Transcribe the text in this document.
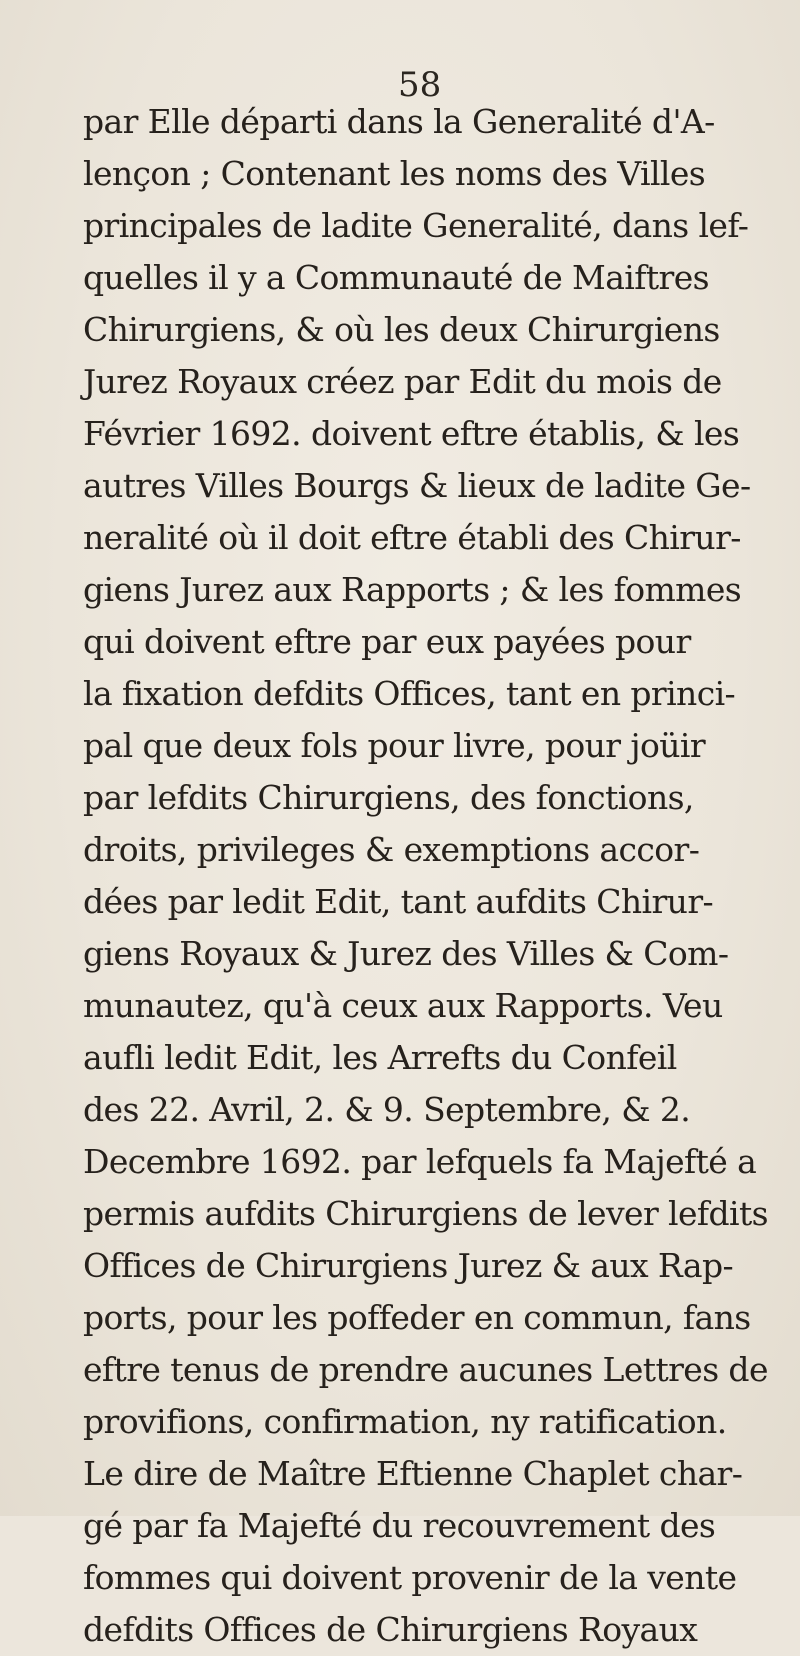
58
par Elle départi dans la Generalité d'A-
lençon ; Contenant les noms des Villes
principales de ladite Generalité, dans lef-
quelles il y a Communauté de Maiftres
Chirurgiens, & où les deux Chirurgiens
Jurez Royaux créez par Edit du mois de
Février 1692. doivent eftre établis, & les
autres Villes Bourgs & lieux de ladite Ge-
neralité où il doit eftre établi des Chirur-
giens Jurez aux Rapports ; & les fommes
qui doivent eftre par eux payées pour
la fixation defdits Offices, tant en princi-
pal que deux fols pour livre, pour joüir
par lefdits Chirurgiens, des fonctions,
droits, privileges & exemptions accor-
dées par ledit Edit, tant aufdits Chirur-
giens Royaux & Jurez des Villes & Com-
munautez, qu'à ceux aux Rapports. Veu
aufli ledit Edit, les Arrefts du Confeil
des 22. Avril, 2. & 9. Septembre, & 2.
Decembre 1692. par lefquels fa Majefté a
permis aufdits Chirurgiens de lever lefdits
Offices de Chirurgiens Jurez & aux Rap-
ports, pour les poffeder en commun, fans
eftre tenus de prendre aucunes Lettres de
provifions, confirmation, ny ratification.
Le dire de Maître Eftienne Chaplet char-
gé par fa Majefté du recouvrement des
fommes qui doivent provenir de la vente
defdits Offices de Chirurgiens Royaux
